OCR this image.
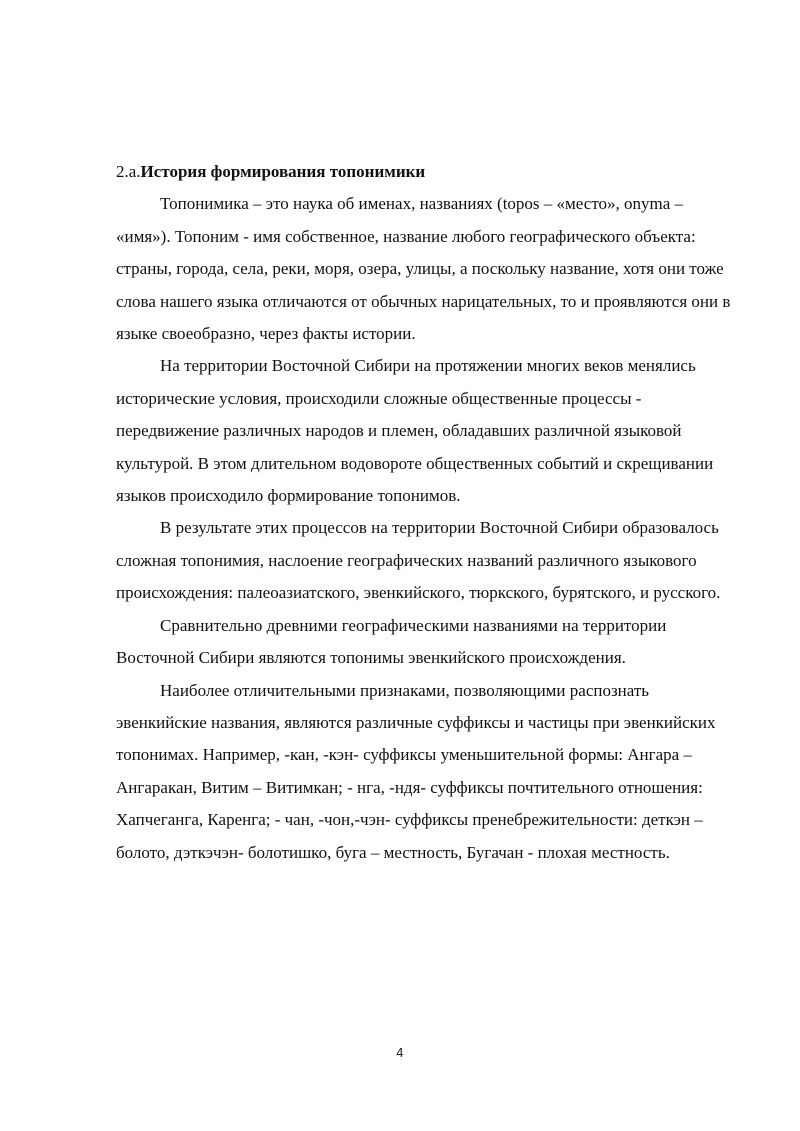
2.а.История формирования топонимики

Топонимика – это наука об именах, названиях (topos – «место», onyma – «имя»). Топоним - имя собственное, название любого географического объекта: страны, города, села, реки, моря, озера, улицы, а поскольку название, хотя они тоже слова нашего языка отличаются от обычных нарицательных, то и проявляются они в языке своеобразно, через факты истории.

На территории Восточной Сибири на протяжении многих веков менялись исторические условия, происходили сложные общественные процессы - передвижение различных народов и племен, обладавших различной языковой культурой. В этом длительном водовороте общественных событий и скрещивании языков происходило формирование топонимов.

В результате этих процессов на территории Восточной Сибири образовалось сложная топонимия, наслоение географических названий различного языкового происхождения: палеоазиатского, эвенкийского, тюркского, бурятского, и русского.

Сравнительно древними географическими названиями на территории Восточной Сибири являются топонимы эвенкийского происхождения.

Наиболее отличительными признаками, позволяющими распознать эвенкийские названия, являются различные суффиксы и частицы при эвенкийских топонимах. Например, -кан, -кэн- суффиксы уменьшительной формы: Ангара – Ангаракан, Витим – Витимкан; - нга, -ндя- суффиксы почтительного отношения: Хапчеганга, Каренга; - чан, -чон,-чэн- суффиксы пренебрежительности: деткэн – болото, дэткэчэн- болотишко, буга – местность, Бугачан - плохая местность.

4
